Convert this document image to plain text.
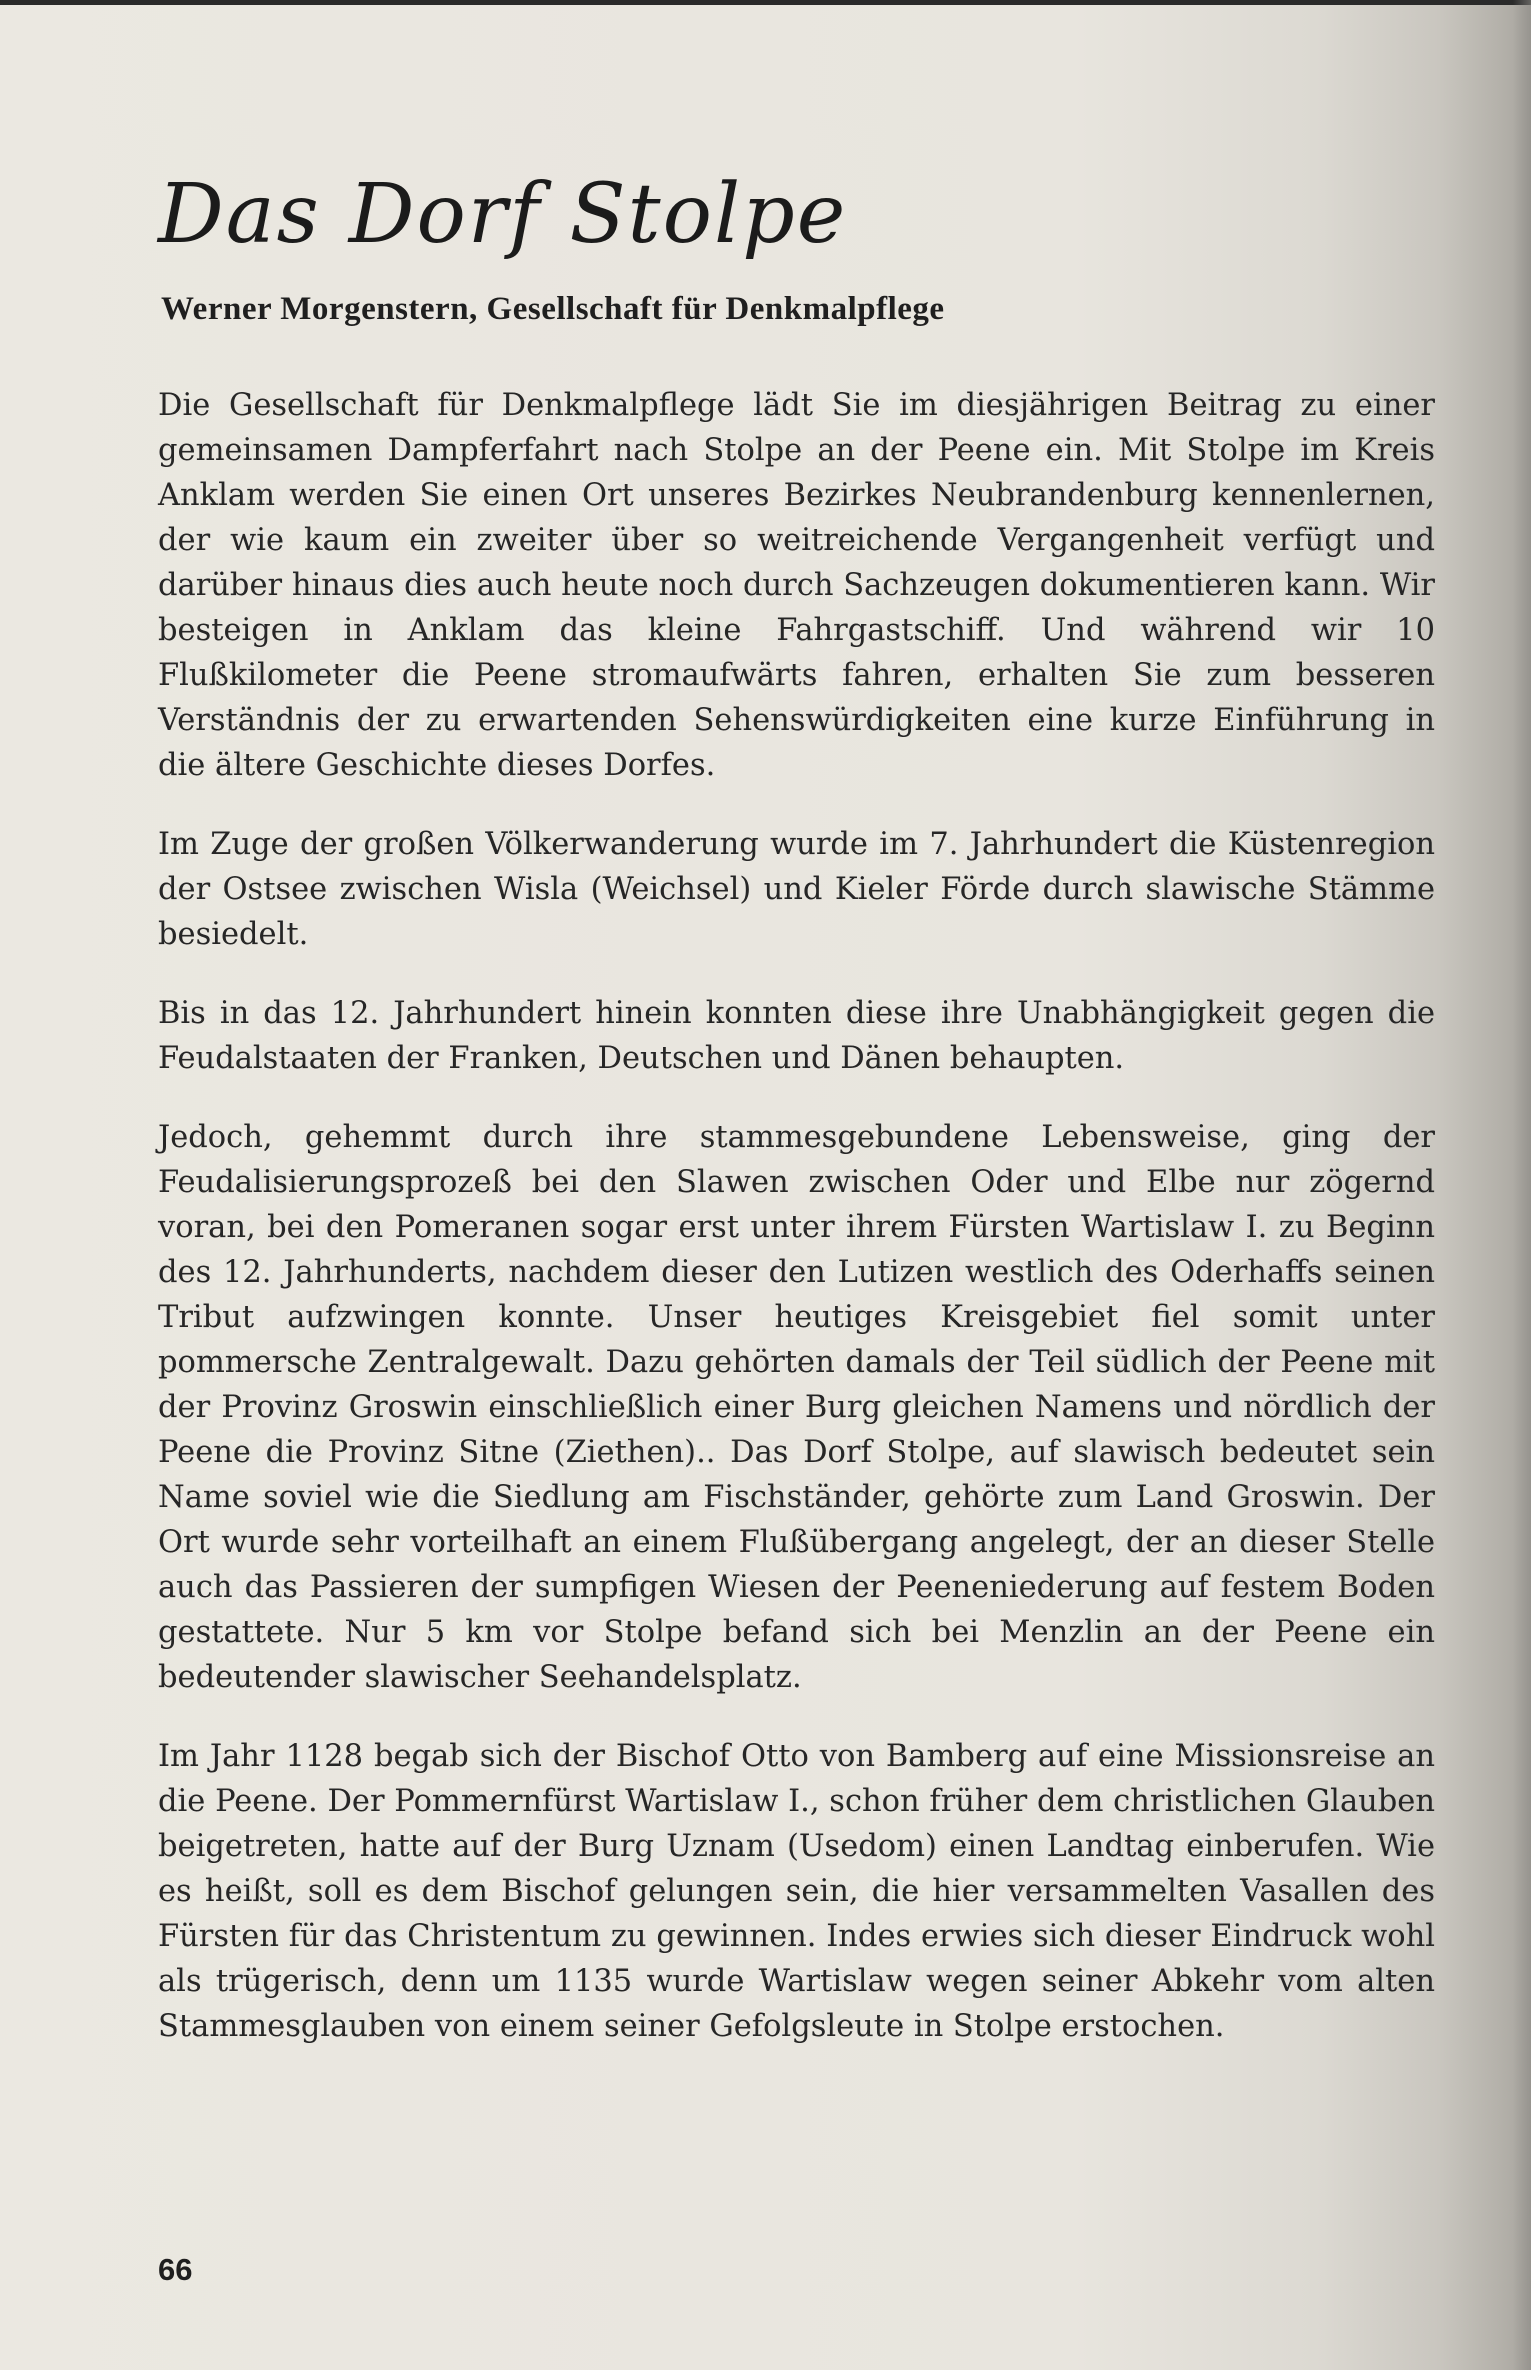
Das Dorf Stolpe

Werner Morgenstern, Gesellschaft für Denkmalpflege

Die Gesellschaft für Denkmalpflege lädt Sie im diesjährigen Beitrag zu einer gemeinsamen Dampferfahrt nach Stolpe an der Peene ein. Mit Stolpe im Kreis Anklam werden Sie einen Ort unseres Bezirkes Neubrandenburg kennenlernen, der wie kaum ein zweiter über so weitreichende Vergangenheit verfügt und darüber hinaus dies auch heute noch durch Sachzeugen dokumentieren kann. Wir besteigen in Anklam das kleine Fahrgastschiff. Und während wir 10 Flußkilometer die Peene stromaufwärts fahren, erhalten Sie zum besseren Verständnis der zu erwartenden Sehenswürdigkeiten eine kurze Einführung in die ältere Geschichte dieses Dorfes.

Im Zuge der großen Völkerwanderung wurde im 7. Jahrhundert die Küstenregion der Ostsee zwischen Wisla (Weichsel) und Kieler Förde durch slawische Stämme besiedelt.

Bis in das 12. Jahrhundert hinein konnten diese ihre Unabhängigkeit gegen die Feudalstaaten der Franken, Deutschen und Dänen behaupten.

Jedoch, gehemmt durch ihre stammesgebundene Lebensweise, ging der Feudalisierungsprozeß bei den Slawen zwischen Oder und Elbe nur zögernd voran, bei den Pomeranen sogar erst unter ihrem Fürsten Wartislaw I. zu Beginn des 12. Jahrhunderts, nachdem dieser den Lutizen westlich des Oderhaffs seinen Tribut aufzwingen konnte. Unser heutiges Kreisgebiet fiel somit unter pommersche Zentralgewalt. Dazu gehörten damals der Teil südlich der Peene mit der Provinz Groswin einschließlich einer Burg gleichen Namens und nördlich der Peene die Provinz Sitne (Ziethen).. Das Dorf Stolpe, auf slawisch bedeutet sein Name soviel wie die Siedlung am Fischständer, gehörte zum Land Groswin. Der Ort wurde sehr vorteilhaft an einem Flußübergang angelegt, der an dieser Stelle auch das Passieren der sumpfigen Wiesen der Peeneniederung auf festem Boden gestattete. Nur 5 km vor Stolpe befand sich bei Menzlin an der Peene ein bedeutender slawischer Seehandelsplatz.

Im Jahr 1128 begab sich der Bischof Otto von Bamberg auf eine Missionsreise an die Peene. Der Pommernfürst Wartislaw I., schon früher dem christlichen Glauben beigetreten, hatte auf der Burg Uznam (Usedom) einen Landtag einberufen. Wie es heißt, soll es dem Bischof gelungen sein, die hier versammelten Vasallen des Fürsten für das Christentum zu gewinnen. Indes erwies sich dieser Eindruck wohl als trügerisch, denn um 1135 wurde Wartislaw wegen seiner Abkehr vom alten Stammesglauben von einem seiner Gefolgsleute in Stolpe erstochen.

66
